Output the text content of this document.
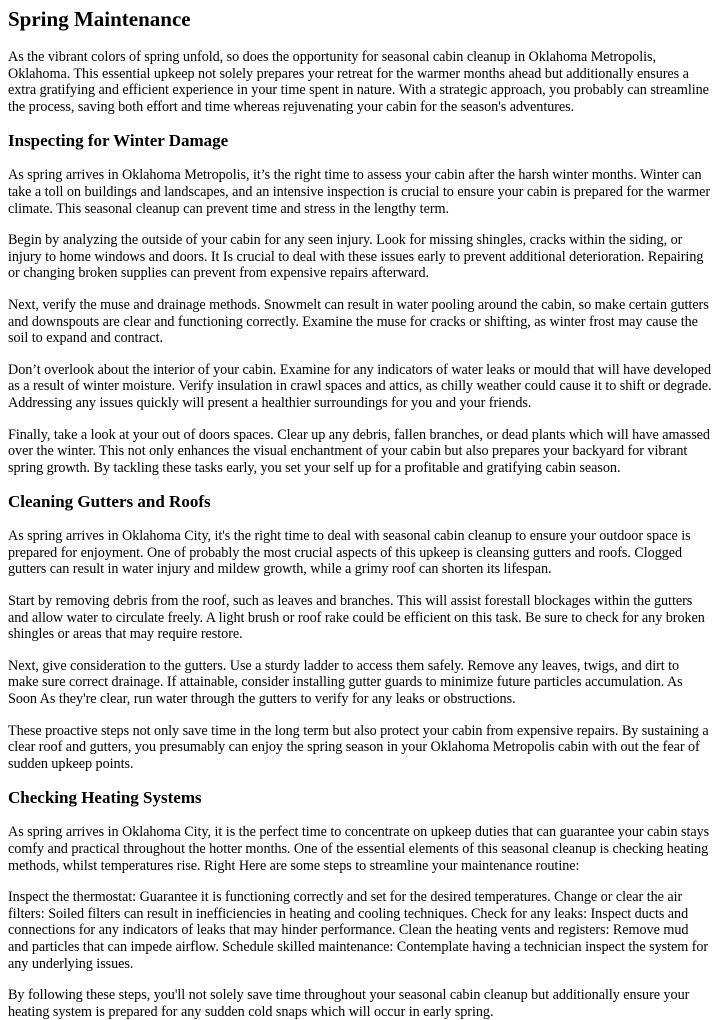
Spring Maintenance

As the vibrant colors of spring unfold, so does the opportunity for seasonal cabin cleanup in Oklahoma Metropolis, Oklahoma. This essential upkeep not solely prepares your retreat for the warmer months ahead but additionally ensures a extra gratifying and efficient experience in your time spent in nature. With a strategic approach, you probably can streamline the process, saving both effort and time whereas rejuvenating your cabin for the season's adventures.

Inspecting for Winter Damage

As spring arrives in Oklahoma Metropolis, it’s the right time to assess your cabin after the harsh winter months. Winter can take a toll on buildings and landscapes, and an intensive inspection is crucial to ensure your cabin is prepared for the warmer climate. This seasonal cleanup can prevent time and stress in the lengthy term.

Begin by analyzing the outside of your cabin for any seen injury. Look for missing shingles, cracks within the siding, or injury to home windows and doors. It Is crucial to deal with these issues early to prevent additional deterioration. Repairing or changing broken supplies can prevent from expensive repairs afterward.

Next, verify the muse and drainage methods. Snowmelt can result in water pooling around the cabin, so make certain gutters and downspouts are clear and functioning correctly. Examine the muse for cracks or shifting, as winter frost may cause the soil to expand and contract.

Don’t overlook about the interior of your cabin. Examine for any indicators of water leaks or mould that will have developed as a result of winter moisture. Verify insulation in crawl spaces and attics, as chilly weather could cause it to shift or degrade. Addressing any issues quickly will present a healthier surroundings for you and your friends.

Finally, take a look at your out of doors spaces. Clear up any debris, fallen branches, or dead plants which will have amassed over the winter. This not only enhances the visual enchantment of your cabin but also prepares your backyard for vibrant spring growth. By tackling these tasks early, you set your self up for a profitable and gratifying cabin season.

Cleaning Gutters and Roofs

As spring arrives in Oklahoma City, it's the right time to deal with seasonal cabin cleanup to ensure your outdoor space is prepared for enjoyment. One of probably the most crucial aspects of this upkeep is cleansing gutters and roofs. Clogged gutters can result in water injury and mildew growth, while a grimy roof can shorten its lifespan.

Start by removing debris from the roof, such as leaves and branches. This will assist forestall blockages within the gutters and allow water to circulate freely. A light brush or roof rake could be efficient on this task. Be sure to check for any broken shingles or areas that may require restore.

Next, give consideration to the gutters. Use a sturdy ladder to access them safely. Remove any leaves, twigs, and dirt to make sure correct drainage. If attainable, consider installing gutter guards to minimize future particles accumulation. As Soon As they're clear, run water through the gutters to verify for any leaks or obstructions.

These proactive steps not only save time in the long term but also protect your cabin from expensive repairs. By sustaining a clear roof and gutters, you presumably can enjoy the spring season in your Oklahoma Metropolis cabin with out the fear of sudden upkeep points.

Checking Heating Systems

As spring arrives in Oklahoma City, it is the perfect time to concentrate on upkeep duties that can guarantee your cabin stays comfy and practical throughout the hotter months. One of the essential elements of this seasonal cleanup is checking heating methods, whilst temperatures rise. Right Here are some steps to streamline your maintenance routine:

Inspect the thermostat: Guarantee it is functioning correctly and set for the desired temperatures. Change or clear the air filters: Soiled filters can result in inefficiencies in heating and cooling techniques. Check for any leaks: Inspect ducts and connections for any indicators of leaks that may hinder performance. Clean the heating vents and registers: Remove mud and particles that can impede airflow. Schedule skilled maintenance: Contemplate having a technician inspect the system for any underlying issues.

By following these steps, you'll not solely save time throughout your seasonal cabin cleanup but additionally ensure your heating system is prepared for any sudden cold snaps which will occur in early spring.
